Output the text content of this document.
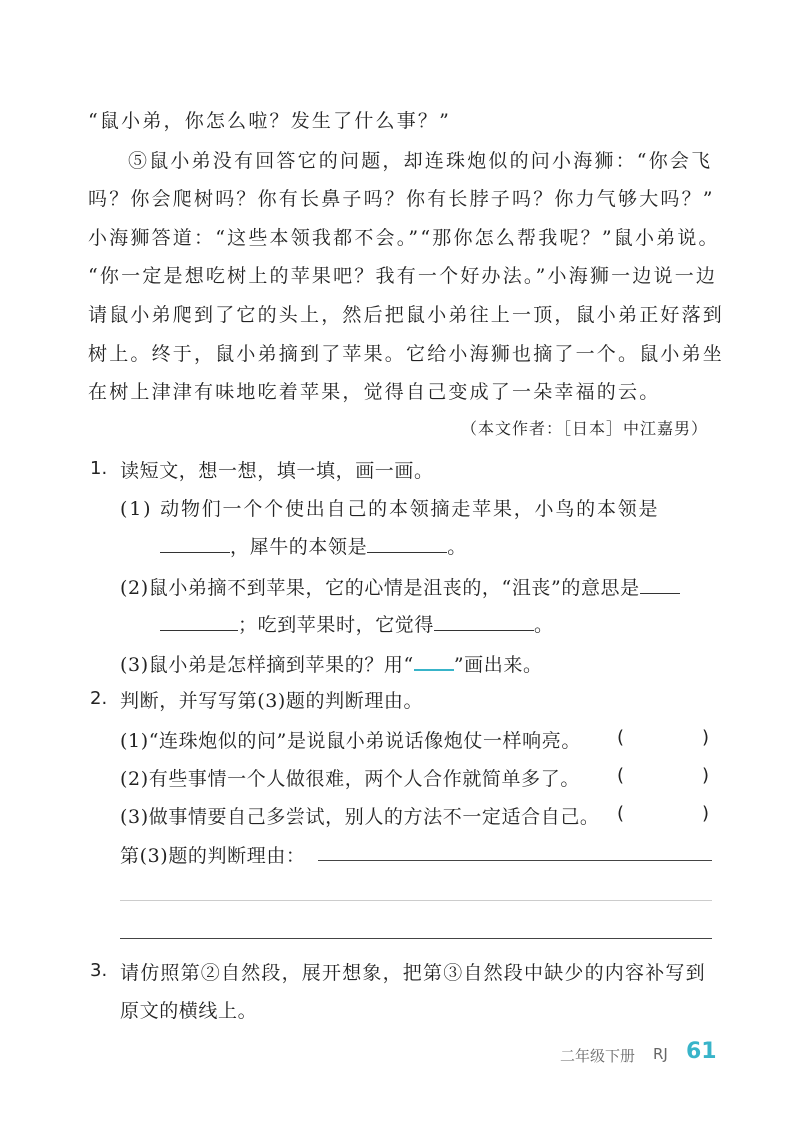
“鼠小弟，你怎么啦？发生了什么事？”
⑤鼠小弟没有回答它的问题，却连珠炮似的问小海狮：“你会飞
吗？你会爬树吗？你有长鼻子吗？你有长脖子吗？你力气够大吗？”
小海狮答道：“这些本领我都不会。”“那你怎么帮我呢？”鼠小弟说。
“你一定是想吃树上的苹果吧？我有一个好办法。”小海狮一边说一边
请鼠小弟爬到了它的头上，然后把鼠小弟往上一顶，鼠小弟正好落到
树上。终于，鼠小弟摘到了苹果。它给小海狮也摘了一个。鼠小弟坐
在树上津津有味地吃着苹果，觉得自己变成了一朵幸福的云。
（本文作者：［日本］中江嘉男）
1. 读短文，想一想，填一填，画一画。
(1) 动物们一个个使出自己的本领摘走苹果，小鸟的本领是
，犀牛的本领是	。
(2)鼠小弟摘不到苹果，它的心情是沮丧的，“沮丧”的意思是
；吃到苹果时，它觉得	。
(3)鼠小弟是怎样摘到苹果的？用“ ”画出来。
2. 判断，并写写第(3)题的判断理由。
(1)“连珠炮似的问”是说鼠小弟说话像炮仗一样响亮。 (	)
(2)有些事情一个人做很难，两个人合作就简单多了。 (	)
(3)做事情要自己多尝试，别人的方法不一定适合自己。 (	)
第(3)题的判断理由：
3. 请仿照第②自然段，展开想象，把第③自然段中缺少的内容补写到
原文的横线上。
二年级下册 RJ 61
